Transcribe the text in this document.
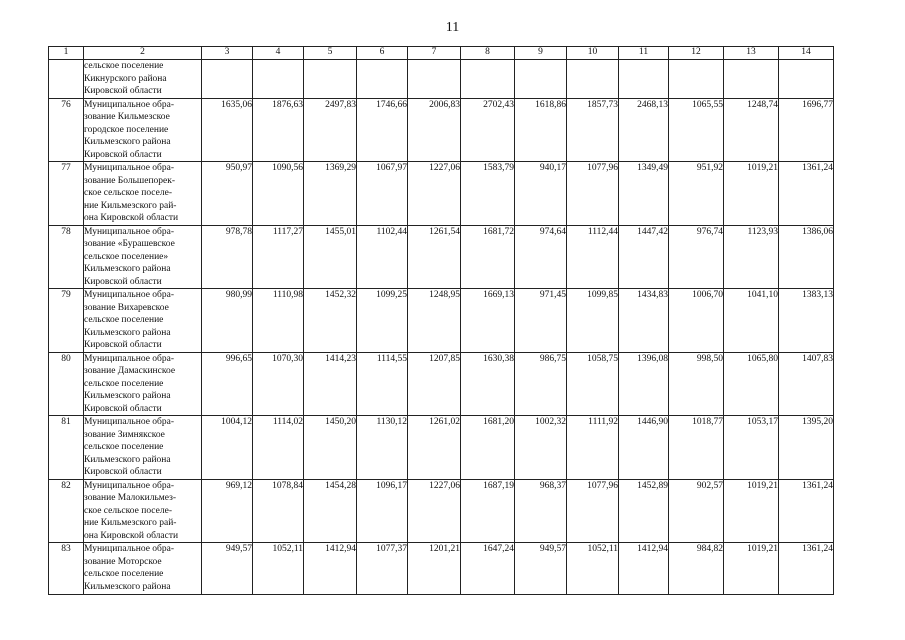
11
1	2	3	4	5	6	7	8	9	10	11	12	13	14

	сельское поселение
Кикнурского района
Кировской области												

76	Муниципальное обра-
зование Кильмезское
городское поселение
Кильмезского района
Кировской области	1635,06	1876,63	2497,83	1746,66	2006,83	2702,43	1618,86	1857,73	2468,13	1065,55	1248,74	1696,77
77	Муниципальное обра-
зование Большепорек-
ское сельское поселе-
ние Кильмезского рай-
она Кировской области	950,97	1090,56	1369,29	1067,97	1227,06	1583,79	940,17	1077,96	1349,49	951,92	1019,21	1361,24
78	Муниципальное обра-
зование «Бурашевское
сельское поселение»
Кильмезского района
Кировской области	978,78	1117,27	1455,01	1102,44	1261,54	1681,72	974,64	1112,44	1447,42	976,74	1123,93	1386,06
79	Муниципальное обра-
зование Вихаревское
сельское поселение
Кильмезского района
Кировской области	980,99	1110,98	1452,32	1099,25	1248,95	1669,13	971,45	1099,85	1434,83	1006,70	1041,10	1383,13
80	Муниципальное обра-
зование Дамаскинское
сельское поселение
Кильмезского района
Кировской области	996,65	1070,30	1414,23	1114,55	1207,85	1630,38	986,75	1058,75	1396,08	998,50	1065,80	1407,83
81	Муниципальное обра-
зование Зимнякское
сельское поселение
Кильмезского района
Кировской области	1004,12	1114,02	1450,20	1130,12	1261,02	1681,20	1002,32	1111,92	1446,90	1018,77	1053,17	1395,20
82	Муниципальное обра-
зование Малокильмез-
ское сельское поселе-
ние Кильмезского рай-
она Кировской области	969,12	1078,84	1454,28	1096,17	1227,06	1687,19	968,37	1077,96	1452,89	902,57	1019,21	1361,24
83	Муниципальное обра-
зование Моторское
сельское поселение
Кильмезского района	949,57	1052,11	1412,94	1077,37	1201,21	1647,24	949,57	1052,11	1412,94	984,82	1019,21	1361,24
